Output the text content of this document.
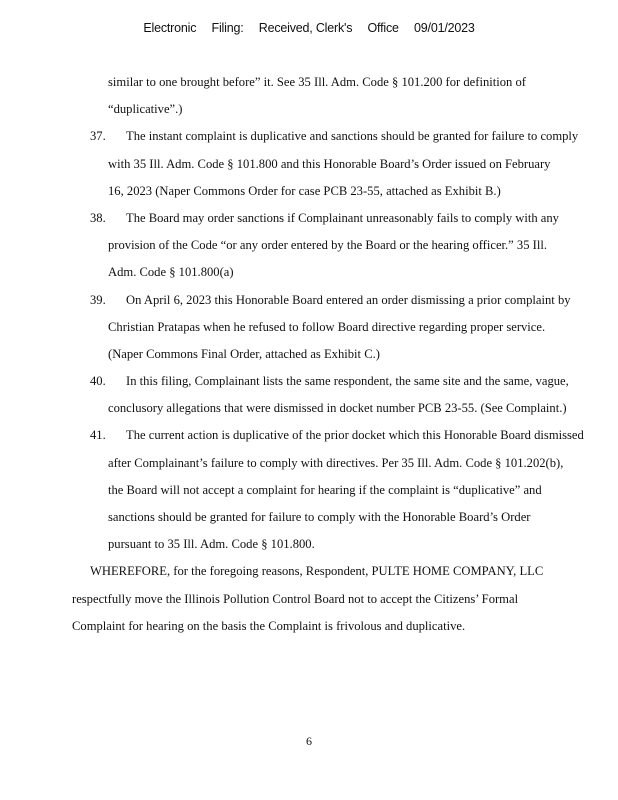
Electronic Filing: Received, Clerk's Office 09/01/2023
similar to one brought before” it. See 35 Ill. Adm. Code § 101.200 for definition of
“duplicative”.)
37. The instant complaint is duplicative and sanctions should be granted for failure to comply
with 35 Ill. Adm. Code § 101.800 and this Honorable Board’s Order issued on February
16, 2023 (Naper Commons Order for case PCB 23-55, attached as Exhibit B.)
38. The Board may order sanctions if Complainant unreasonably fails to comply with any
provision of the Code “or any order entered by the Board or the hearing officer.” 35 Ill.
Adm. Code § 101.800(a)
39. On April 6, 2023 this Honorable Board entered an order dismissing a prior complaint by
Christian Pratapas when he refused to follow Board directive regarding proper service.
(Naper Commons Final Order, attached as Exhibit C.)
40. In this filing, Complainant lists the same respondent, the same site and the same, vague,
conclusory allegations that were dismissed in docket number PCB 23-55. (See Complaint.)
41. The current action is duplicative of the prior docket which this Honorable Board dismissed
after Complainant’s failure to comply with directives. Per 35 Ill. Adm. Code § 101.202(b),
the Board will not accept a complaint for hearing if the complaint is “duplicative” and
sanctions should be granted for failure to comply with the Honorable Board’s Order
pursuant to 35 Ill. Adm. Code § 101.800.
WHEREFORE, for the foregoing reasons, Respondent, PULTE HOME COMPANY, LLC
respectfully move the Illinois Pollution Control Board not to accept the Citizens’ Formal
Complaint for hearing on the basis the Complaint is frivolous and duplicative.
6
